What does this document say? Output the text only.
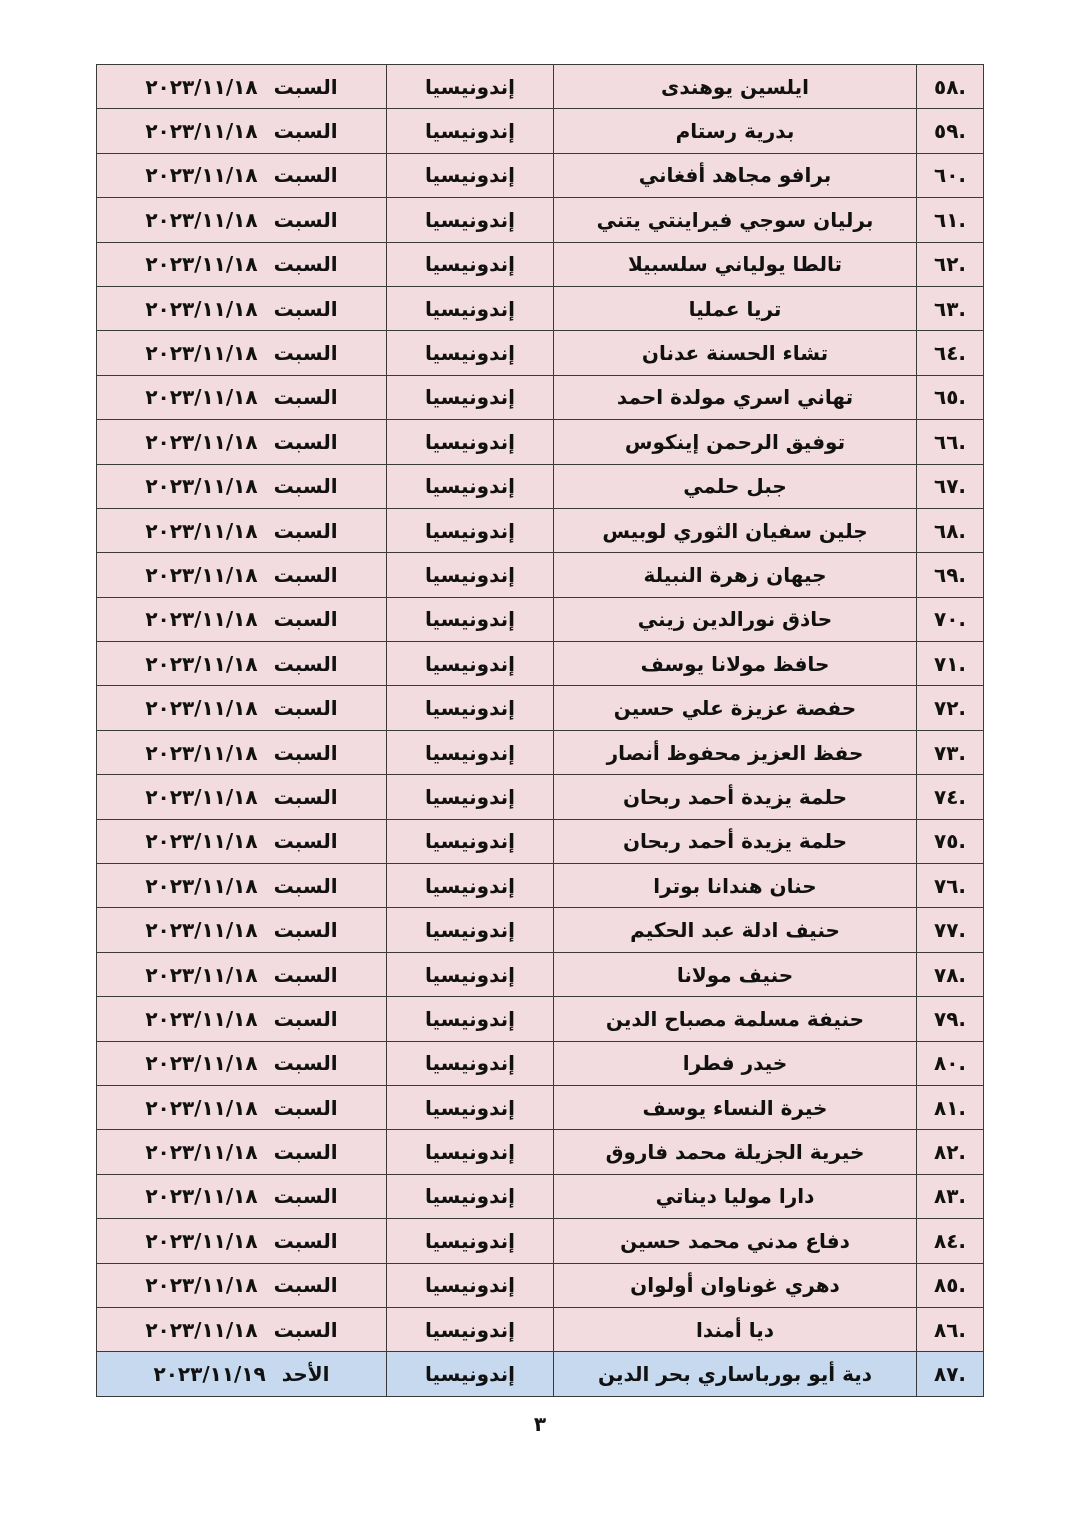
.٥٨	ايلسين يوهندى	إندونيسيا	السبت٢٠٢٣/١١/١٨
.٥٩	بدرية رستام	إندونيسيا	السبت٢٠٢٣/١١/١٨
.٦٠	برافو مجاهد أفغاني	إندونيسيا	السبت٢٠٢٣/١١/١٨
.٦١	برليان سوجي فيراينتي يتني	إندونيسيا	السبت٢٠٢٣/١١/١٨
.٦٢	تالطا يولياني سلسبيلا	إندونيسيا	السبت٢٠٢٣/١١/١٨
.٦٣	تريا عمليا	إندونيسيا	السبت٢٠٢٣/١١/١٨
.٦٤	تشاء الحسنة عدنان	إندونيسيا	السبت٢٠٢٣/١١/١٨
.٦٥	تهاني اسري مولدة احمد	إندونيسيا	السبت٢٠٢٣/١١/١٨
.٦٦	توفيق الرحمن إينكوس	إندونيسيا	السبت٢٠٢٣/١١/١٨
.٦٧	جبل حلمي	إندونيسيا	السبت٢٠٢٣/١١/١٨
.٦٨	جلين سفيان الثوري لوبيس	إندونيسيا	السبت٢٠٢٣/١١/١٨
.٦٩	جيهان زهرة النبيلة	إندونيسيا	السبت٢٠٢٣/١١/١٨
.٧٠	حاذق نورالدين زيني	إندونيسيا	السبت٢٠٢٣/١١/١٨
.٧١	حافظ مولانا يوسف	إندونيسيا	السبت٢٠٢٣/١١/١٨
.٧٢	حفصة عزيزة علي حسين	إندونيسيا	السبت٢٠٢٣/١١/١٨
.٧٣	حفظ العزيز محفوظ أنصار	إندونيسيا	السبت٢٠٢٣/١١/١٨
.٧٤	حلمة يزيدة أحمد ربحان	إندونيسيا	السبت٢٠٢٣/١١/١٨
.٧٥	حلمة يزيدة أحمد ربحان	إندونيسيا	السبت٢٠٢٣/١١/١٨
.٧٦	حنان هندانا بوترا	إندونيسيا	السبت٢٠٢٣/١١/١٨
.٧٧	حنيف ادلة عبد الحكيم	إندونيسيا	السبت٢٠٢٣/١١/١٨
.٧٨	حنيف مولانا	إندونيسيا	السبت٢٠٢٣/١١/١٨
.٧٩	حنيفة مسلمة مصباح الدين	إندونيسيا	السبت٢٠٢٣/١١/١٨
.٨٠	خيدر فطرا	إندونيسيا	السبت٢٠٢٣/١١/١٨
.٨١	خيرة النساء يوسف	إندونيسيا	السبت٢٠٢٣/١١/١٨
.٨٢	خيرية الجزيلة محمد فاروق	إندونيسيا	السبت٢٠٢٣/١١/١٨
.٨٣	دارا موليا ديناتي	إندونيسيا	السبت٢٠٢٣/١١/١٨
.٨٤	دفاع مدني محمد حسين	إندونيسيا	السبت٢٠٢٣/١١/١٨
.٨٥	دهري غوناوان أولوان	إندونيسيا	السبت٢٠٢٣/١١/١٨
.٨٦	ديا أمندا	إندونيسيا	السبت٢٠٢٣/١١/١٨
.٨٧	دية أيو بورباساري بحر الدين	إندونيسيا	الأحد٢٠٢٣/١١/١٩
٣
